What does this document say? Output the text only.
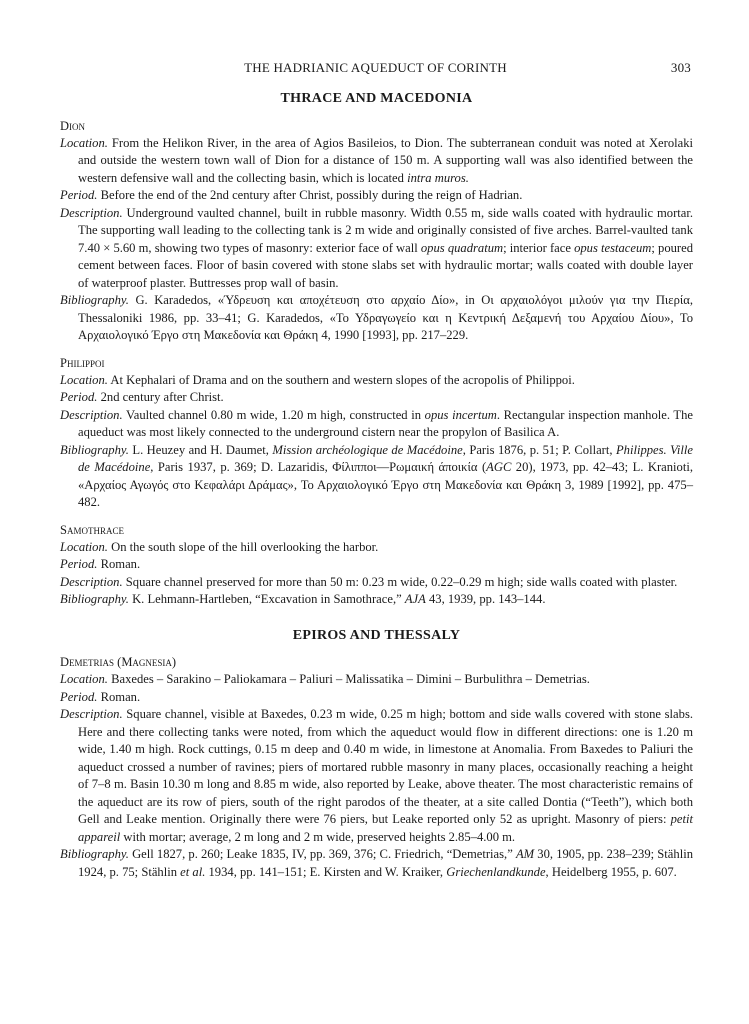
THE HADRIANIC AQUEDUCT OF CORINTH	303
THRACE AND MACEDONIA

Dion

Location. From the Helikon River, in the area of Agios Basileios, to Dion. The subterranean conduit was noted at Xerolaki and outside the western town wall of Dion for a distance of 150 m. A supporting wall was also identified between the western defensive wall and the collecting basin, which is located intra muros.

Period. Before the end of the 2nd century after Christ, possibly during the reign of Hadrian.

Description. Underground vaulted channel, built in rubble masonry. Width 0.55 m, side walls coated with hydraulic mortar. The supporting wall leading to the collecting tank is 2 m wide and originally consisted of five arches. Barrel-vaulted tank 7.40 × 5.60 m, showing two types of masonry: exterior face of wall opus quadratum; interior face opus testaceum; poured cement between faces. Floor of basin covered with stone slabs set with hydraulic mortar; walls coated with double layer of waterproof plaster. Buttresses prop wall of basin.

Bibliography. G. Karadedos, «Ύδρευση και αποχέτευση στο αρχαίο Δίο», in Οι αρχαιολόγοι μιλούν για την Πιερία, Thessaloniki 1986, pp. 33–41; G. Karadedos, «Το Υδραγωγείο και η Κεντρική Δεξαμενή του Αρχαίου Δίου», Το Αρχαιολογικό Έργο στη Μακεδονία και Θράκη 4, 1990 [1993], pp. 217–229.

Philippoi

Location. At Kephalari of Drama and on the southern and western slopes of the acropolis of Philippoi.

Period. 2nd century after Christ.

Description. Vaulted channel 0.80 m wide, 1.20 m high, constructed in opus incertum. Rectangular inspection manhole. The aqueduct was most likely connected to the underground cistern near the propylon of Basilica A.

Bibliography. L. Heuzey and H. Daumet, Mission archéologique de Macédoine, Paris 1876, p. 51; P. Collart, Philippes. Ville de Macédoine, Paris 1937, p. 369; D. Lazaridis, Φίλιπποι—Ρωμαική άποικία (AGC 20), 1973, pp. 42–43; L. Kranioti, «Αρχαίος Αγωγός στο Κεφαλάρι Δράμας», Το Αρχαιολογικό Έργο στη Μακεδονία και Θράκη 3, 1989 [1992], pp. 475–482.

Samothrace

Location. On the south slope of the hill overlooking the harbor.

Period. Roman.

Description. Square channel preserved for more than 50 m: 0.23 m wide, 0.22–0.29 m high; side walls coated with plaster.

Bibliography. K. Lehmann-Hartleben, “Excavation in Samothrace,” AJA 43, 1939, pp. 143–144.

EPIROS AND THESSALY

Demetrias (Magnesia)

Location. Baxedes – Sarakino – Paliokamara – Paliuri – Malissatika – Dimini – Burbulithra – Demetrias.

Period. Roman.

Description. Square channel, visible at Baxedes, 0.23 m wide, 0.25 m high; bottom and side walls covered with stone slabs. Here and there collecting tanks were noted, from which the aqueduct would flow in different directions: one is 1.20 m wide, 1.40 m high. Rock cuttings, 0.15 m deep and 0.40 m wide, in limestone at Anomalia. From Baxedes to Paliuri the aqueduct crossed a number of ravines; piers of mortared rubble masonry in many places, occasionally reaching a height of 7–8 m. Basin 10.30 m long and 8.85 m wide, also reported by Leake, above theater. The most characteristic remains of the aqueduct are its row of piers, south of the right parodos of the theater, at a site called Dontia (“Teeth”), which both Gell and Leake mention. Originally there were 76 piers, but Leake reported only 52 as upright. Masonry of piers: petit appareil with mortar; average, 2 m long and 2 m wide, preserved heights 2.85–4.00 m.

Bibliography. Gell 1827, p. 260; Leake 1835, IV, pp. 369, 376; C. Friedrich, “Demetrias,” AM 30, 1905, pp. 238–239; Stählin 1924, p. 75; Stählin et al. 1934, pp. 141–151; E. Kirsten and W. Kraiker, Griechenlandkunde, Heidelberg 1955, p. 607.
